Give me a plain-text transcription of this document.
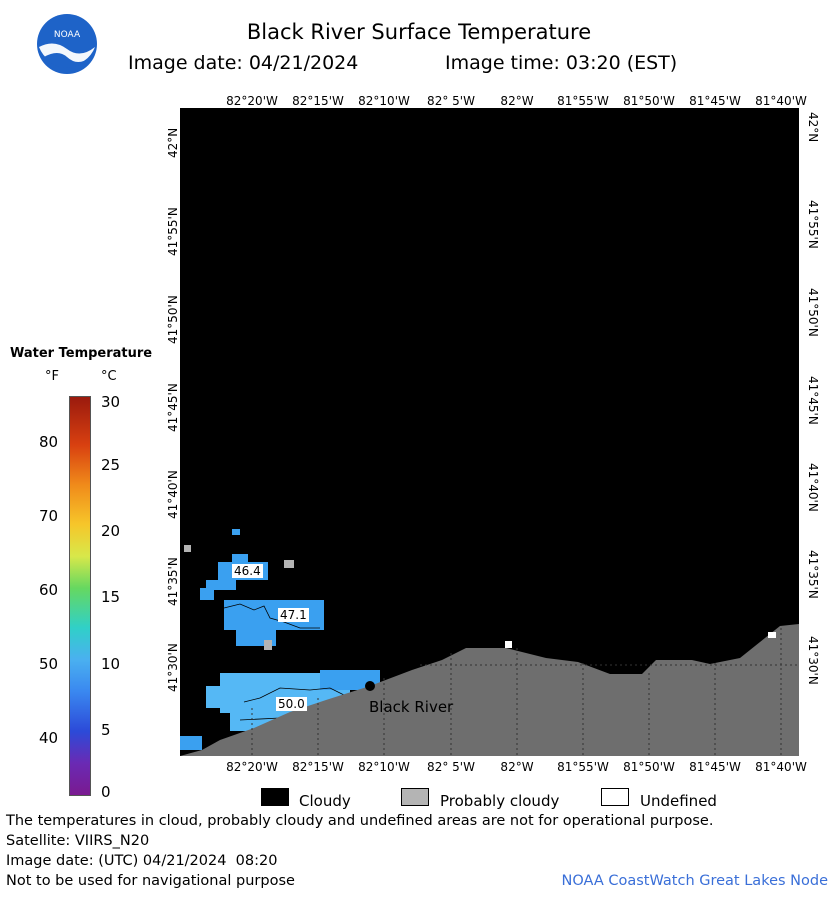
NOAA	Black River Surface Temperature
Image date: 04/21/2024	Image time: 03:20 (EST)
46.4
47.1
50.0	Black River
82°20'W 82°15'W 82°10'W 82° 5'W 82°W 81°55'W 81°50'W 81°45'W 81°40'W
82°20'W 82°15'W 82°10'W 82° 5'W 82°W 81°55'W 81°50'W 81°45'W 81°40'W
42°N
41°55'N
41°50'N
41°45'N
41°40'N
41°35'N
41°30'N
42°N
41°55'N
41°50'N
41°45'N
41°40'N
41°35'N
41°30'N
Water Temperature
°F	°C
80
70
60
50
40
30
25
20
15
10
5
0	Cloudy	Probably cloudy	Undefined
The temperatures in cloud, probably cloudy and undefined areas are not for operational purpose.
Satellite: VIIRS_N20
Image date: (UTC) 04/21/2024  08:20
Not to be used for navigational purpose	NOAA CoastWatch Great Lakes Node
